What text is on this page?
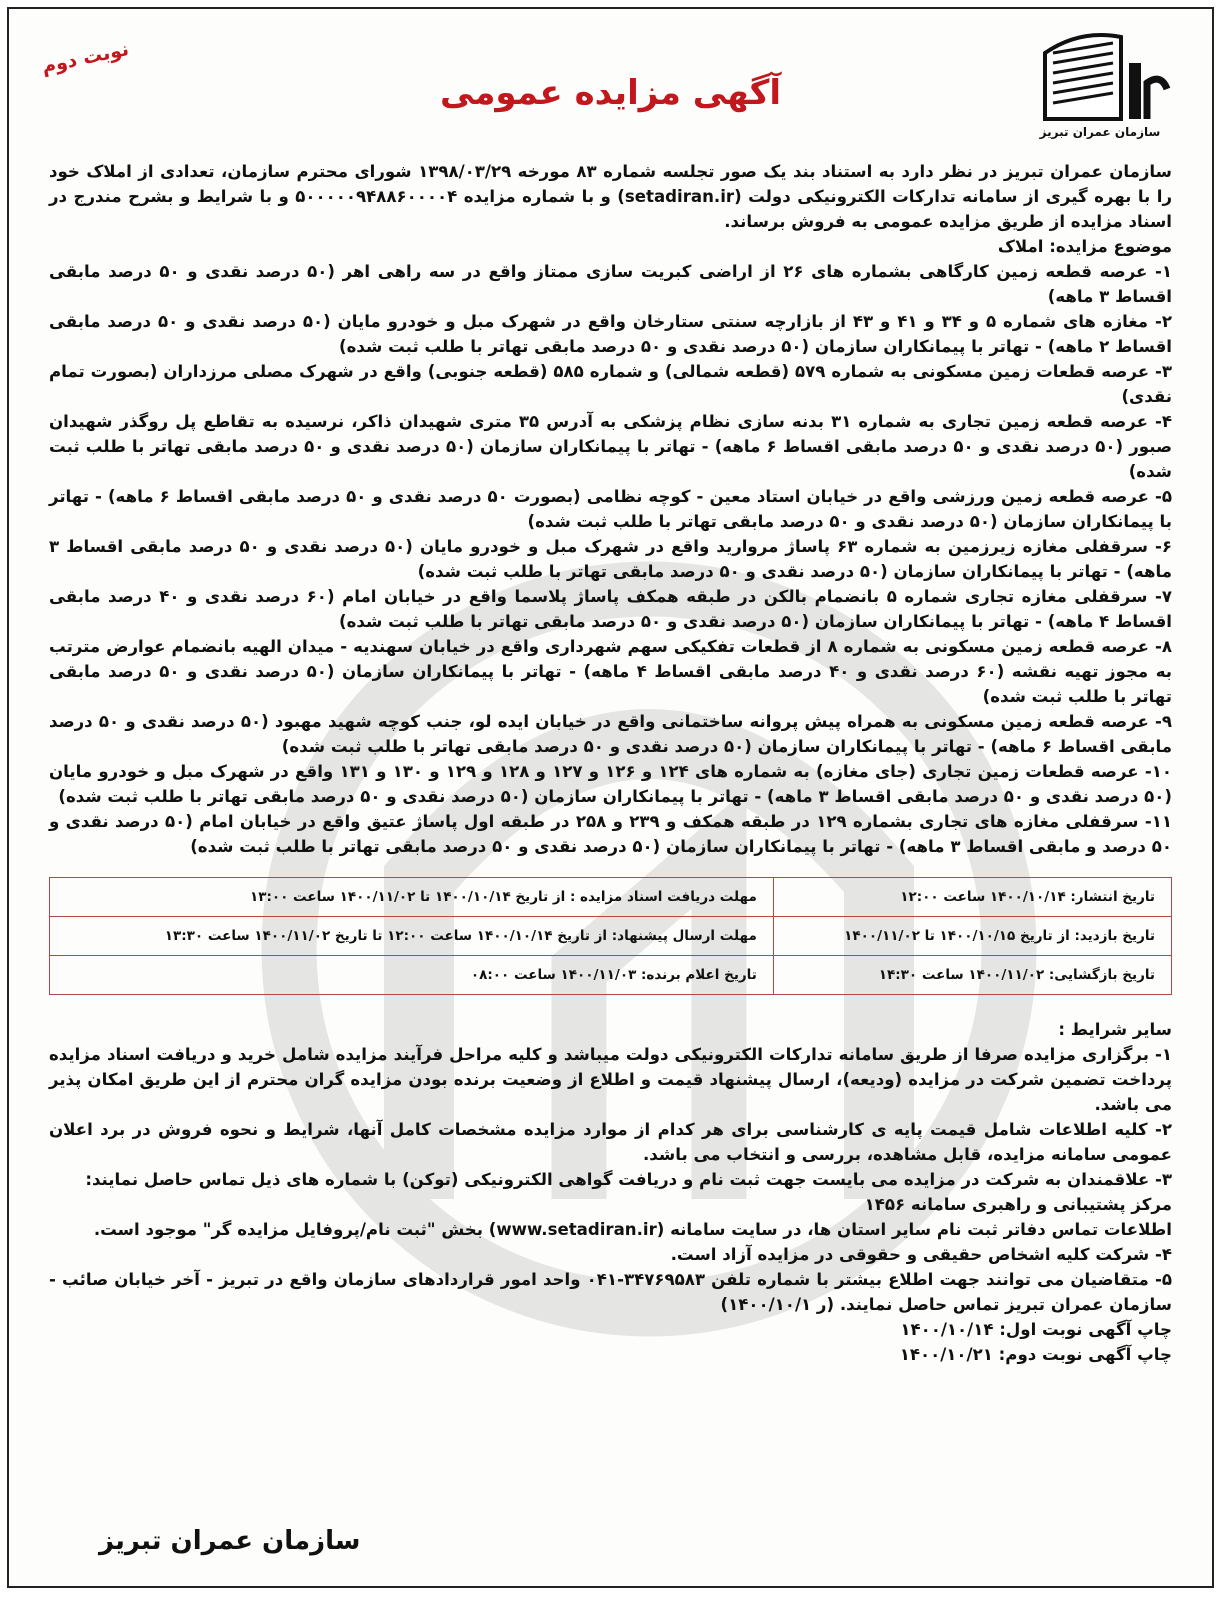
سازمان عمران تبریز
آگهی مزایده عمومی
نوبت دوم

سازمان عمران تبریز در نظر دارد به استناد بند یک صور تجلسه شماره ۸۳ مورخه ۱۳۹۸/۰۳/۲۹ شورای محترم سازمان، تعدادی از املاک خود را با بهره گیری از سامانه تدارکات الکترونیکی دولت (setadiran.ir) و با شماره مزایده ۵۰۰۰۰۰۹۴۸۸۶۰۰۰۰۴ و با شرایط و بشرح مندرج در اسناد مزایده از طریق مزایده عمومی به فروش برساند.

موضوع مزایده: املاک

۱- عرصه قطعه زمین کارگاهی بشماره های ۲۶ از اراضی کبریت سازی ممتاز واقع در سه راهی اهر (۵۰ درصد نقدی و ۵۰ درصد مابقی اقساط ۳ ماهه)
۲- مغازه های شماره ۵ و ۳۴ و ۴۱ و ۴۳ از بازارچه سنتی ستارخان واقع در شهرک مبل و خودرو مایان (۵۰ درصد نقدی و ۵۰ درصد مابقی اقساط ۲ ماهه) - تهاتر با پیمانکاران سازمان (۵۰ درصد نقدی و ۵۰ درصد مابقی تهاتر با طلب ثبت شده)
۳- عرصه قطعات زمین مسکونی به شماره ۵۷۹ (قطعه شمالی) و شماره ۵۸۵ (قطعه جنوبی) واقع در شهرک مصلی مرزداران (بصورت تمام نقدی)
۴- عرصه قطعه زمین تجاری به شماره ۳۱ بدنه سازی نظام پزشکی به آدرس ۳۵ متری شهیدان ذاکر، نرسیده به تقاطع پل روگذر شهیدان صبور (۵۰ درصد نقدی و ۵۰ درصد مابقی اقساط ۶ ماهه) - تهاتر با پیمانکاران سازمان (۵۰ درصد نقدی و ۵۰ درصد مابقی تهاتر با طلب ثبت شده)
۵- عرصه قطعه زمین ورزشی واقع در خیابان استاد معین - کوچه نظامی (بصورت ۵۰ درصد نقدی و ۵۰ درصد مابقی اقساط ۶ ماهه) - تهاتر با پیمانکاران سازمان (۵۰ درصد نقدی و ۵۰ درصد مابقی تهاتر با طلب ثبت شده)
۶- سرقفلی مغازه زیرزمین به شماره ۶۳ پاساژ مروارید واقع در شهرک مبل و خودرو مایان (۵۰ درصد نقدی و ۵۰ درصد مابقی اقساط ۳ ماهه) - تهاتر با پیمانکاران سازمان (۵۰ درصد نقدی و ۵۰ درصد مابقی تهاتر با طلب ثبت شده)
۷- سرقفلی مغازه تجاری شماره ۵ بانضمام بالکن در طبقه همکف پاساژ پلاسما واقع در خیابان امام (۶۰ درصد نقدی و ۴۰ درصد مابقی اقساط ۴ ماهه) - تهاتر با پیمانکاران سازمان (۵۰ درصد نقدی و ۵۰ درصد مابقی تهاتر با طلب ثبت شده)
۸- عرصه قطعه زمین مسکونی به شماره ۸ از قطعات تفکیکی سهم شهرداری واقع در خیابان سهندیه - میدان الهیه بانضمام عوارض مترتب به مجوز تهیه نقشه (۶۰ درصد نقدی و ۴۰ درصد مابقی اقساط ۴ ماهه) - تهاتر با پیمانکاران سازمان (۵۰ درصد نقدی و ۵۰ درصد مابقی تهاتر با طلب ثبت شده)
۹- عرصه قطعه زمین مسکونی به همراه پیش پروانه ساختمانی واقع در خیابان ایده لو، جنب کوچه شهید مهبود (۵۰ درصد نقدی و ۵۰ درصد مابقی اقساط ۶ ماهه) - تهاتر با پیمانکاران سازمان (۵۰ درصد نقدی و ۵۰ درصد مابقی تهاتر با طلب ثبت شده)
۱۰- عرصه قطعات زمین تجاری (جای مغازه) به شماره های ۱۲۴ و ۱۲۶ و ۱۲۷ و ۱۲۸ و ۱۲۹ و ۱۳۰ و ۱۳۱ واقع در شهرک مبل و خودرو مایان (۵۰ درصد نقدی و ۵۰ درصد مابقی اقساط ۳ ماهه) - تهاتر با پیمانکاران سازمان (۵۰ درصد نقدی و ۵۰ درصد مابقی تهاتر با طلب ثبت شده)
۱۱- سرقفلی مغازه های تجاری بشماره ۱۲۹ در طبقه همکف و ۲۳۹ و ۲۵۸ در طبقه اول پاساژ عتیق واقع در خیابان امام (۵۰ درصد نقدی و ۵۰ درصد و مابقی اقساط ۳ ماهه) - تهاتر با پیمانکاران سازمان (۵۰ درصد نقدی و ۵۰ درصد مابقی تهاتر با طلب ثبت شده)
تاریخ انتشار: ۱۴۰۰/۱۰/۱۴ ساعت ۱۲:۰۰	مهلت دریافت اسناد مزایده : از تاریخ ۱۴۰۰/۱۰/۱۴ تا ۱۴۰۰/۱۱/۰۲ ساعت ۱۳:۰۰
تاریخ بازدید: از تاریخ ۱۴۰۰/۱۰/۱۵ تا ۱۴۰۰/۱۱/۰۲	مهلت ارسال پیشنهاد: از تاریخ ۱۴۰۰/۱۰/۱۴ ساعت ۱۲:۰۰ تا تاریخ ۱۴۰۰/۱۱/۰۲ ساعت ۱۳:۳۰
تاریخ بازگشایی: ۱۴۰۰/۱۱/۰۲ ساعت ۱۴:۳۰	تاریخ اعلام برنده: ۱۴۰۰/۱۱/۰۳ ساعت ۰۸:۰۰

سایر شرایط :

۱- برگزاری مزایده صرفا از طریق سامانه تدارکات الکترونیکی دولت میباشد و کلیه مراحل فرآیند مزایده شامل خرید و دریافت اسناد مزایده پرداخت تضمین شرکت در مزایده (ودیعه)، ارسال پیشنهاد قیمت و اطلاع از وضعیت برنده بودن مزایده گران محترم از این طریق امکان پذیر می باشد.
۲- کلیه اطلاعات شامل قیمت پایه ی کارشناسی برای هر کدام از موارد مزایده مشخصات کامل آنها، شرایط و نحوه فروش در برد اعلان عمومی سامانه مزایده، قابل مشاهده، بررسی و انتخاب می باشد.
۳- علاقمندان به شرکت در مزایده می بایست جهت ثبت نام و دریافت گواهی الکترونیکی (توکن) با شماره های ذیل تماس حاصل نمایند:
مرکز پشتیبانی و راهبری سامانه ۱۴۵۶
اطلاعات تماس دفاتر ثبت نام سایر استان ها، در سایت سامانه (www.setadiran.ir) بخش "ثبت نام/پروفایل مزایده گر" موجود است.
۴- شرکت کلیه اشخاص حقیقی و حقوقی در مزایده آزاد است.
۵- متقاضیان می توانند جهت اطلاع بیشتر با شماره تلفن ۳۴۷۶۹۵۸۳-۰۴۱ واحد امور قراردادهای سازمان واقع در تبریز - آخر خیابان صائب - سازمان عمران تبریز تماس حاصل نمایند. (ر ۱۴۰۰/۱۰/۱)

چاپ آگهی نوبت اول: ۱۴۰۰/۱۰/۱۴

چاپ آگهی نوبت دوم: ۱۴۰۰/۱۰/۲۱

سازمان عمران تبریز
